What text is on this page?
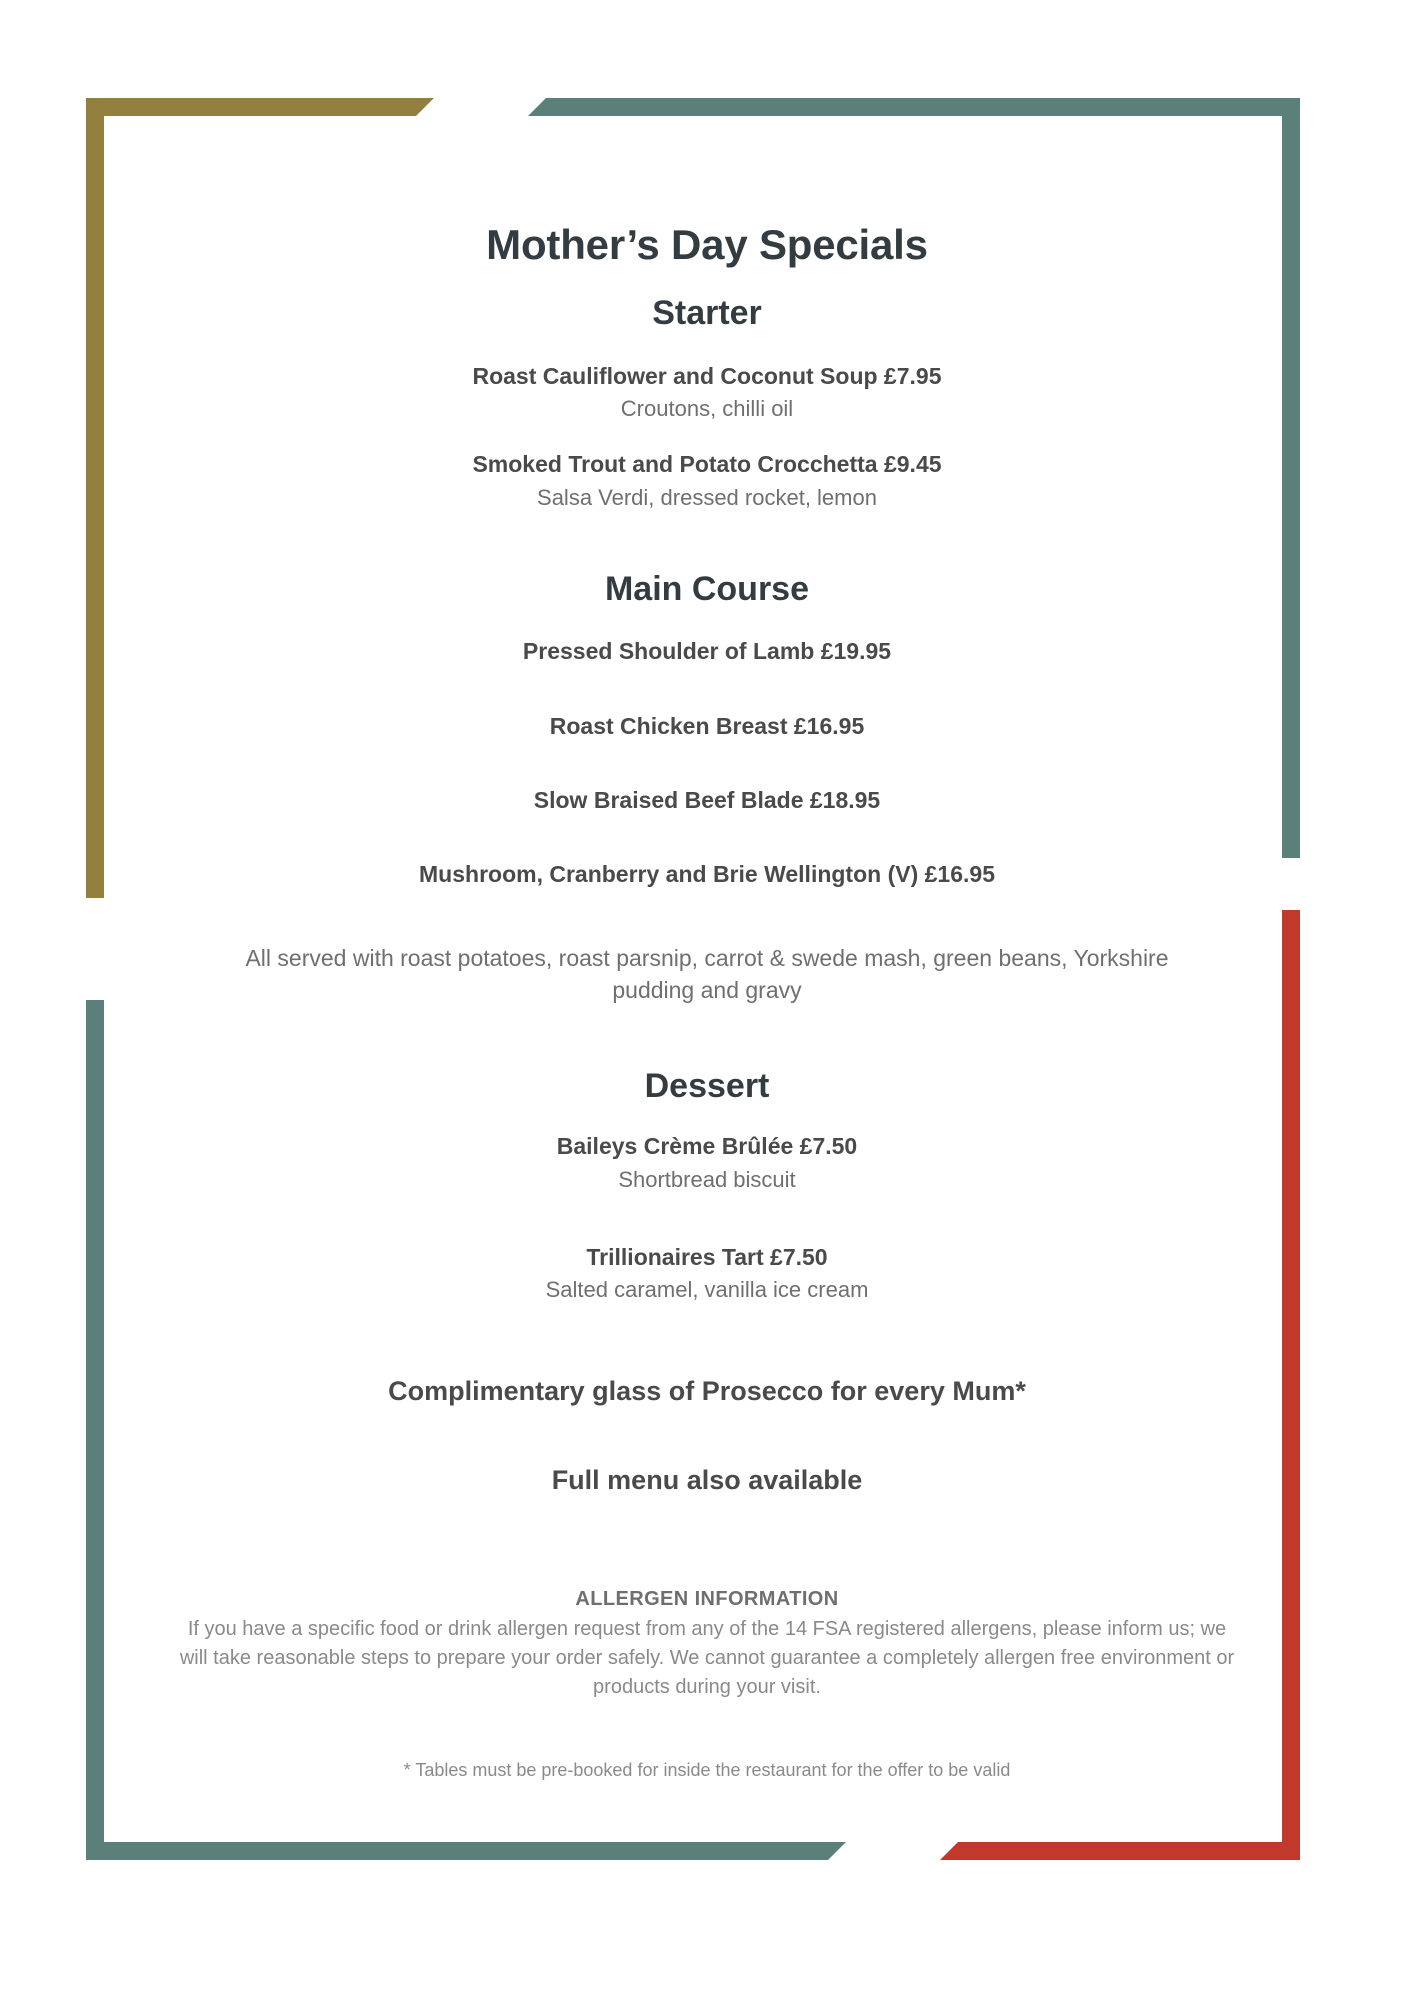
Mother’s Day Specials
Starter
Roast Cauliflower and Coconut Soup £7.95
Croutons, chilli oil
Smoked Trout and Potato Crocchetta £9.45
Salsa Verdi, dressed rocket, lemon
Main Course
Pressed Shoulder of Lamb £19.95
Roast Chicken Breast £16.95
Slow Braised Beef Blade £18.95
Mushroom, Cranberry and Brie Wellington (V) £16.95
All served with roast potatoes, roast parsnip, carrot & swede mash, green beans, Yorkshire pudding and gravy
Dessert
Baileys Crème Brûlée £7.50
Shortbread biscuit
Trillionaires Tart £7.50
Salted caramel, vanilla ice cream
Complimentary glass of Prosecco for every Mum*
Full menu also available
ALLERGEN INFORMATION
If you have a specific food or drink allergen request from any of the 14 FSA registered allergens, please inform us; we will take reasonable steps to prepare your order safely. We cannot guarantee a completely allergen free environment or products during your visit.
* Tables must be pre-booked for inside the restaurant for the offer to be valid
